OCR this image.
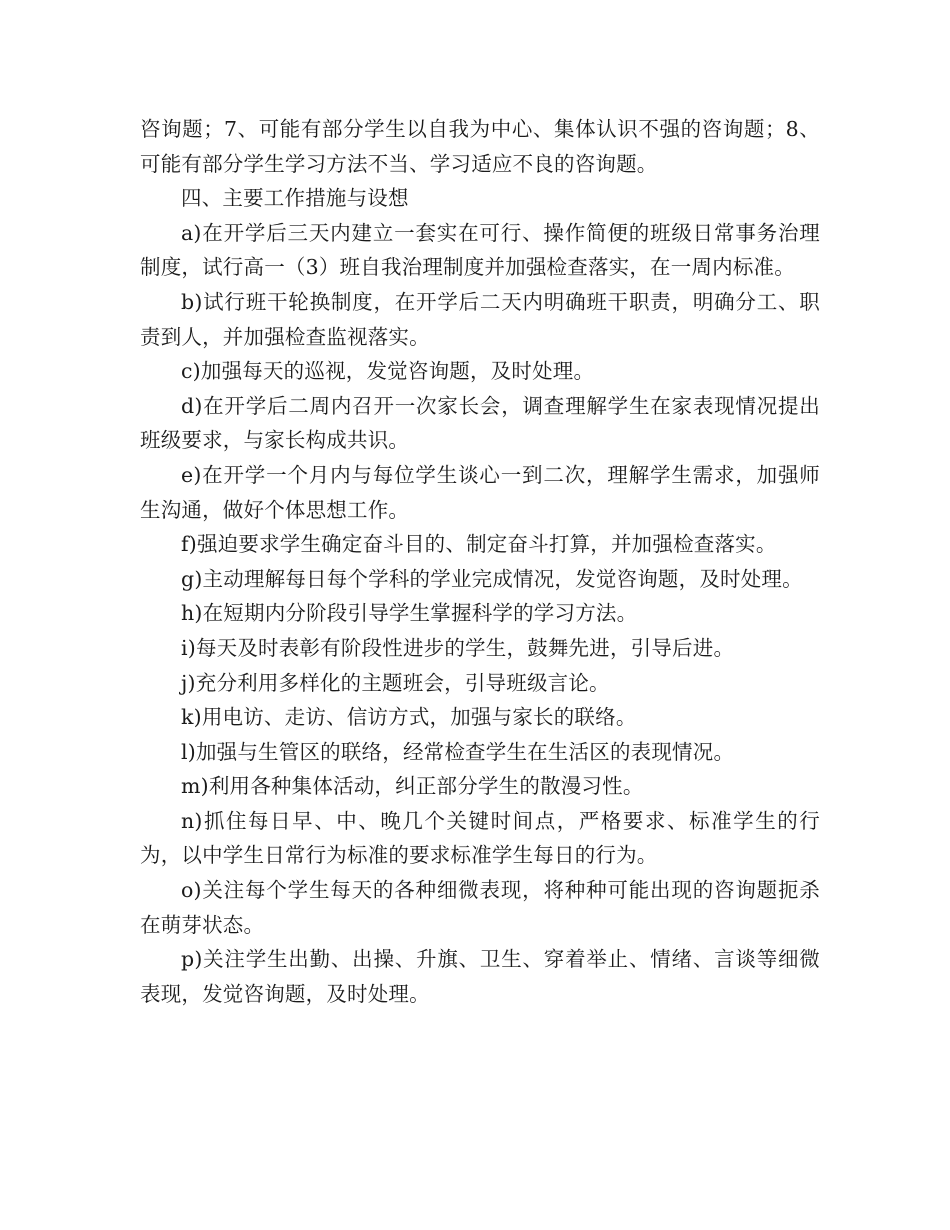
咨询题；7、可能有部分学生以自我为中心、集体认识不强的咨询题；8、可能有部分学生学习方法不当、学习适应不良的咨询题。

四、主要工作措施与设想

a)在开学后三天内建立一套实在可行、操作简便的班级日常事务治理制度，试行高一（3）班自我治理制度并加强检查落实，在一周内标准。

b)试行班干轮换制度，在开学后二天内明确班干职责，明确分工、职责到人，并加强检查监视落实。

c)加强每天的巡视，发觉咨询题，及时处理。

d)在开学后二周内召开一次家长会，调查理解学生在家表现情况提出班级要求，与家长构成共识。

e)在开学一个月内与每位学生谈心一到二次，理解学生需求，加强师生沟通，做好个体思想工作。

f)强迫要求学生确定奋斗目的、制定奋斗打算，并加强检查落实。

g)主动理解每日每个学科的学业完成情况，发觉咨询题，及时处理。

h)在短期内分阶段引导学生掌握科学的学习方法。

i)每天及时表彰有阶段性进步的学生，鼓舞先进，引导后进。

j)充分利用多样化的主题班会，引导班级言论。

k)用电访、走访、信访方式，加强与家长的联络。

l)加强与生管区的联络，经常检查学生在生活区的表现情况。

m)利用各种集体活动，纠正部分学生的散漫习性。

n)抓住每日早、中、晚几个关键时间点，严格要求、标准学生的行为，以中学生日常行为标准的要求标准学生每日的行为。

o)关注每个学生每天的各种细微表现，将种种可能出现的咨询题扼杀在萌芽状态。

p)关注学生出勤、出操、升旗、卫生、穿着举止、情绪、言谈等细微表现，发觉咨询题，及时处理。
